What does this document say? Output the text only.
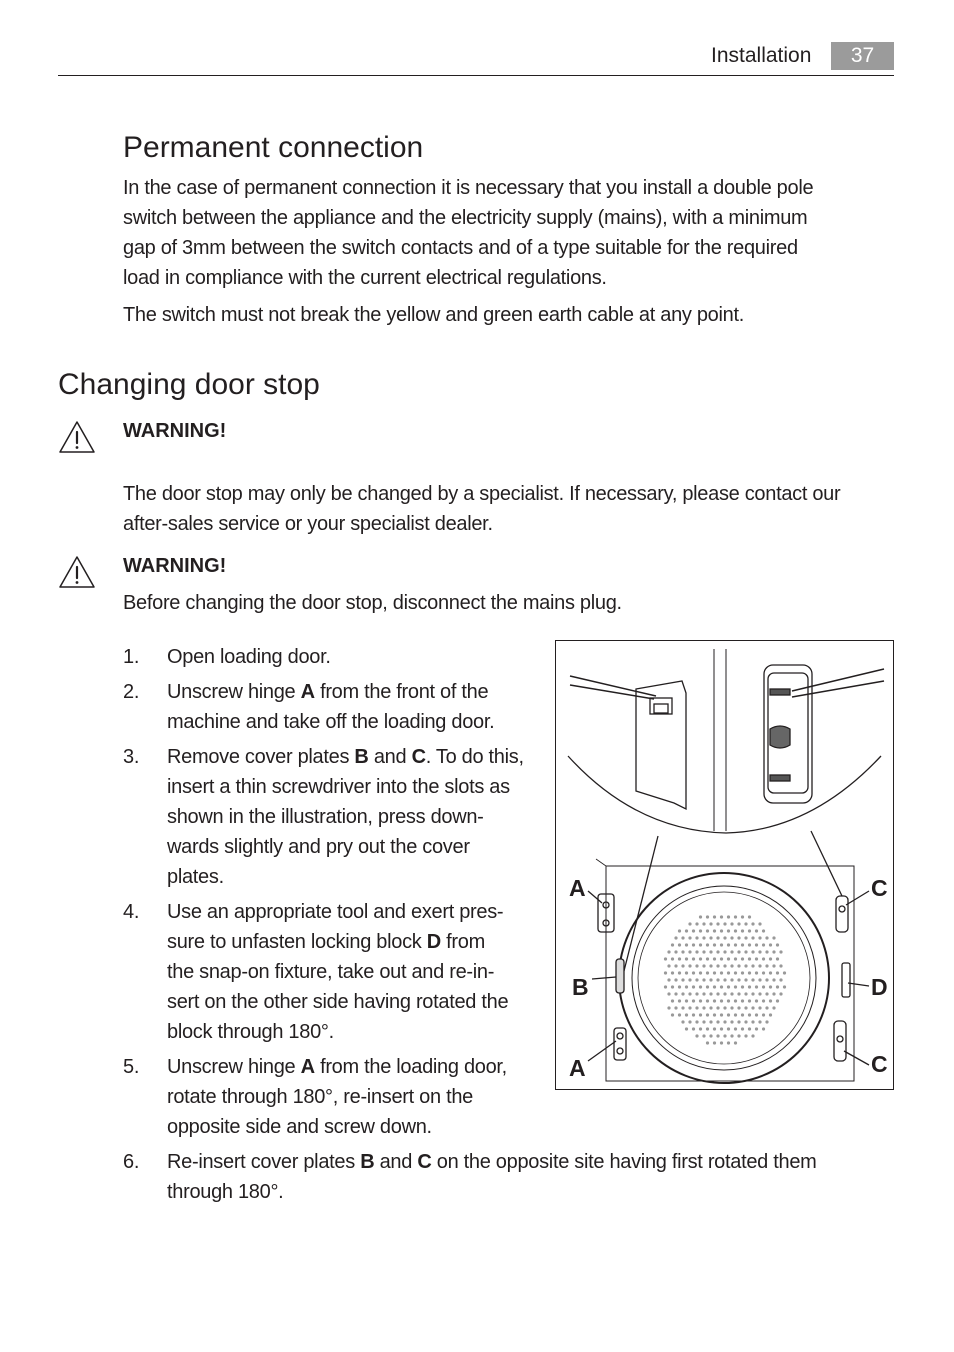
Installation	37
Permanent connection

In the case of permanent connection it is necessary that you install a double pole
switch between the appliance and the electricity supply (mains), with a minimum
gap of 3mm between the switch contacts and of a type suitable for the required
load in compliance with the current electrical regulations.

The switch must not break the yellow and green earth cable at any point.

Changing door stop
WARNING!

The door stop may only be changed by a specialist. If necessary, please contact our
after-sales service or your specialist dealer.

WARNING!

Before changing the door stop, disconnect the mains plug.

1. Open loading door.
2. Unscrew hinge A from the front of the
machine and take off the loading door.
3. Remove cover plates B and C. To do this,
insert a thin screwdriver into the slots as
shown in the illustration, press down-
wards slightly and pry out the cover
plates.
4. Use an appropriate tool and exert pres-
sure to unfasten locking block D from
the snap-on fixture, take out and re-in-
sert on the other side having rotated the
block through 180°.
5. Unscrew hinge A from the loading door,
rotate through 180°, re-insert on the
opposite side and screw down.
6. Re-insert cover plates B and C on the opposite site having first rotated them
through 180°.
A
B
A
C
D
C
